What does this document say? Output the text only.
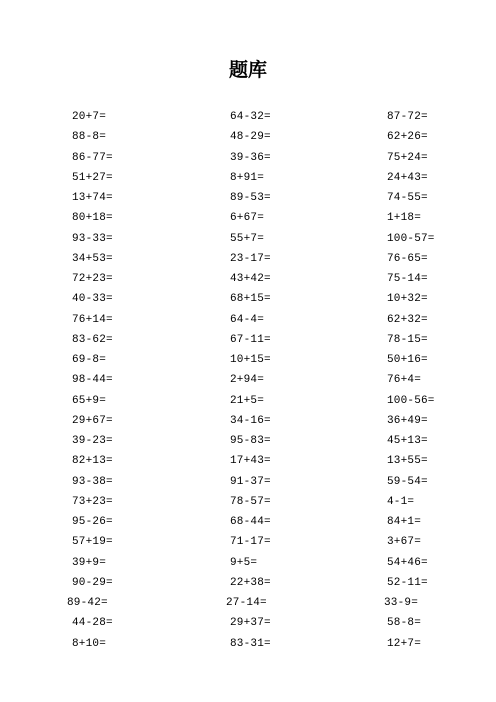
题库
20+7=	64-32=	87-72=
88-8=	48-29=	62+26=
86-77=	39-36=	75+24=
51+27=	8+91=	24+43=
13+74=	89-53=	74-55=
80+18=	6+67=	1+18=
93-33=	55+7=	100-57=
34+53=	23-17=	76-65=
72+23=	43+42=	75-14=
40-33=	68+15=	10+32=
76+14=	64-4=	62+32=
83-62=	67-11=	78-15=
69-8=	10+15=	50+16=
98-44=	2+94=	76+4=
65+9=	21+5=	100-56=
29+67=	34-16=	36+49=
39-23=	95-83=	45+13=
82+13=	17+43=	13+55=
93-38=	91-37=	59-54=
73+23=	78-57=	4-1=
95-26=	68-44=	84+1=
57+19=	71-17=	3+67=
39+9=	9+5=	54+46=
90-29=	22+38=	52-11=
89-42=	27-14=	33-9=
44-28=	29+37=	58-8=
8+10=	83-31=	12+7=
